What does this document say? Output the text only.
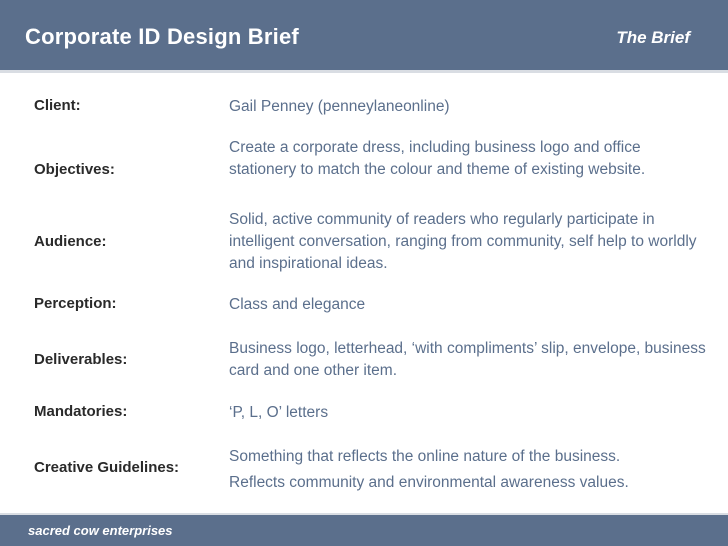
Corporate ID Design Brief	The Brief
Client:	Gail Penney (penneylaneonline)
Objectives:
Create a corporate dress, including business logo and office stationery to match the colour and theme of existing website.
Audience:
Solid, active community of readers who regularly participate in intelligent conversation, ranging from community, self help to worldly and inspirational ideas.
Perception:	Class and elegance
Deliverables:
Business logo, letterhead, ‘with compliments’ slip, envelope, business card and one other item.
Mandatories:	‘P, L, O’ letters
Creative Guidelines:

Something that reflects the online nature of the business.

Reflects community and environmental awareness values.

sacred cow enterprises
